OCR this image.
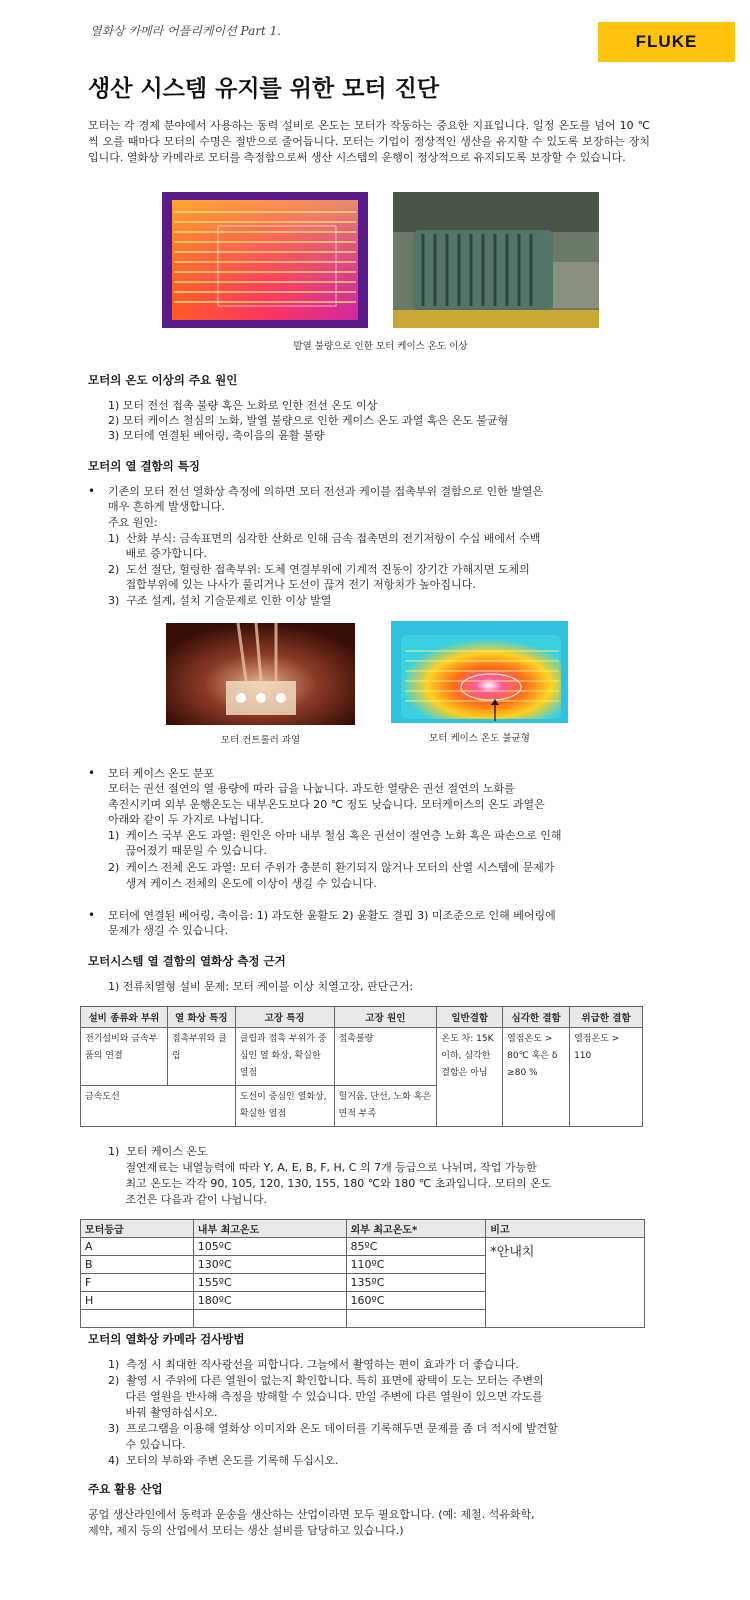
열화상 카메라 어플리케이션 Part 1.
FLUKE
생산 시스템 유지를 위한 모터 진단
모터는 각 경제 분야에서 사용하는 동력 설비로 온도는 모터가 작동하는 중요한 지표입니다. 일정 온도를 넘어 10 ℃씩 오를 때마다 모터의 수명은 절반으로 줄어듭니다. 모터는 기업이 정상적인 생산을 유지할 수 있도록 보장하는 장치입니다. 열화상 카메라로 모터를 측정함으로써 생산 시스템의 운행이 정상적으로 유지되도록 보장할 수 있습니다.
발열 불량으로 인한 모터 케이스 온도 이상
모터의 온도 이상의 주요 원인
1) 모터 전선 접촉 불량 혹은 노화로 인한 전선 온도 이상
2) 모터 케이스 철심의 노화, 발열 불량으로 인한 케이스 온도 과열 혹은 온도 불균형
3) 모터에 연결된 베어링, 축이음의 윤활 불량
모터의 열 결함의 특징
• 기존의 모터 전선 열화상 측정에 의하면 모터 전선과 케이블 접촉부위 결함으로 인한 발열은
매우 흔하게 발생합니다.
주요 원인:
1)  산화 부식: 금속표면의 심각한 산화로 인해 금속 접촉면의 전기저항이 수십 배에서 수백
배로 증가합니다.
2)  도선 절단, 헐렁한 접촉부위: 도체 연결부위에 기계적 진동이 장기간 가해지면 도체의
접합부위에 있는 나사가 풀리거나 도선이 끊겨 전기 저항치가 높아집니다.
3)  구조 설계, 설치 기술문제로 인한 이상 발열
모터 컨트롤러 과열	모터 케이스 온도 불균형
• 모터 케이스 온도 분포
모터는 권선 절연의 열 용량에 따라 급을 나눕니다. 과도한 열량은 권선 절연의 노화를
촉진시키며 외부 운행온도는 내부온도보다 20 ℃ 정도 낮습니다. 모터케이스의 온도 과열은
아래와 같이 두 가지로 나뉩니다.
1)  케이스 국부 온도 과열: 원인은 아마 내부 철심 혹은 권선이 절연층 노화 혹은 파손으로 인해
끊어졌기 때문일 수 있습니다.
2)  케이스 전체 온도 과열: 모터 주위가 충분히 환기되지 않거나 모터의 산열 시스템에 문제가
생겨 케이스 전체의 온도에 이상이 생길 수 있습니다.
• 모터에 연결된 베어링, 축이음: 1) 과도한 윤활도 2) 윤활도 결핍 3) 미조준으로 인해 베어링에
문제가 생길 수 있습니다.
모터시스템 열 결함의 열화상 측정 근거
1) 전류치열형 설비 문제: 모터 케이블 이상 치열고장, 판단근거:
설비 종류와 부위	열 화상 특징	고장 특징	고장 원인	일반결함	심각한 결함	위급한 결함
전기설비와 금속부품의 연결	접촉부위와 클립	클립과 접촉 부위가 중심인 열 화상, 확실한 열점	접촉불량	온도 차: 15K 이하, 심각한 결함은 아님	열점온도 > 80℃ 혹은 δ ≥80 %	열점온도 > 110
금속도선		도선이 중심인 열화상, 확실한 열점	헐거움, 단선, 노화 혹은 면적 부족			
1)  모터 케이스 온도
절연재료는 내열능력에 따라 Y, A, E, B, F, H, C 의 7개 등급으로 나뉘며, 작업 가능한
최고 온도는 각각 90, 105, 120, 130, 155, 180 ℃와 180 ℃ 초과입니다. 모터의 온도
조건은 다음과 같이 나뉩니다.
모터등급	내부 최고온도	외부 최고온도*	비고
A	105ºC	85ºC	*안내치
B	130ºC	110ºC	
F	155ºC	135ºC	
H	180ºC	160ºC	

모터의 열화상 카메라 검사방법
1)  측정 시 최대한 직사광선을 피합니다. 그늘에서 촬영하는 편이 효과가 더 좋습니다.
2)  촬영 시 주위에 다른 열원이 없는지 확인합니다. 특히 표면에 광택이 도는 모터는 주변의
다른 열원을 반사해 측정을 방해할 수 있습니다. 만일 주변에 다른 열원이 있으면 각도를
바꿔 촬영하십시오.
3)  프로그램을 이용해 열화상 이미지와 온도 데이터를 기록해두면 문제를 좀 더 적시에 발견할
수 있습니다.
4)  모터의 부하와 주변 온도를 기록해 두십시오.
주요 활용 산업
공업 생산라인에서 동력과 운송을 생산하는 산업이라면 모두 필요합니다. (예: 제철. 석유화학,
제약, 제지 등의 산업에서 모터는 생산 설비를 담당하고 있습니다.)
